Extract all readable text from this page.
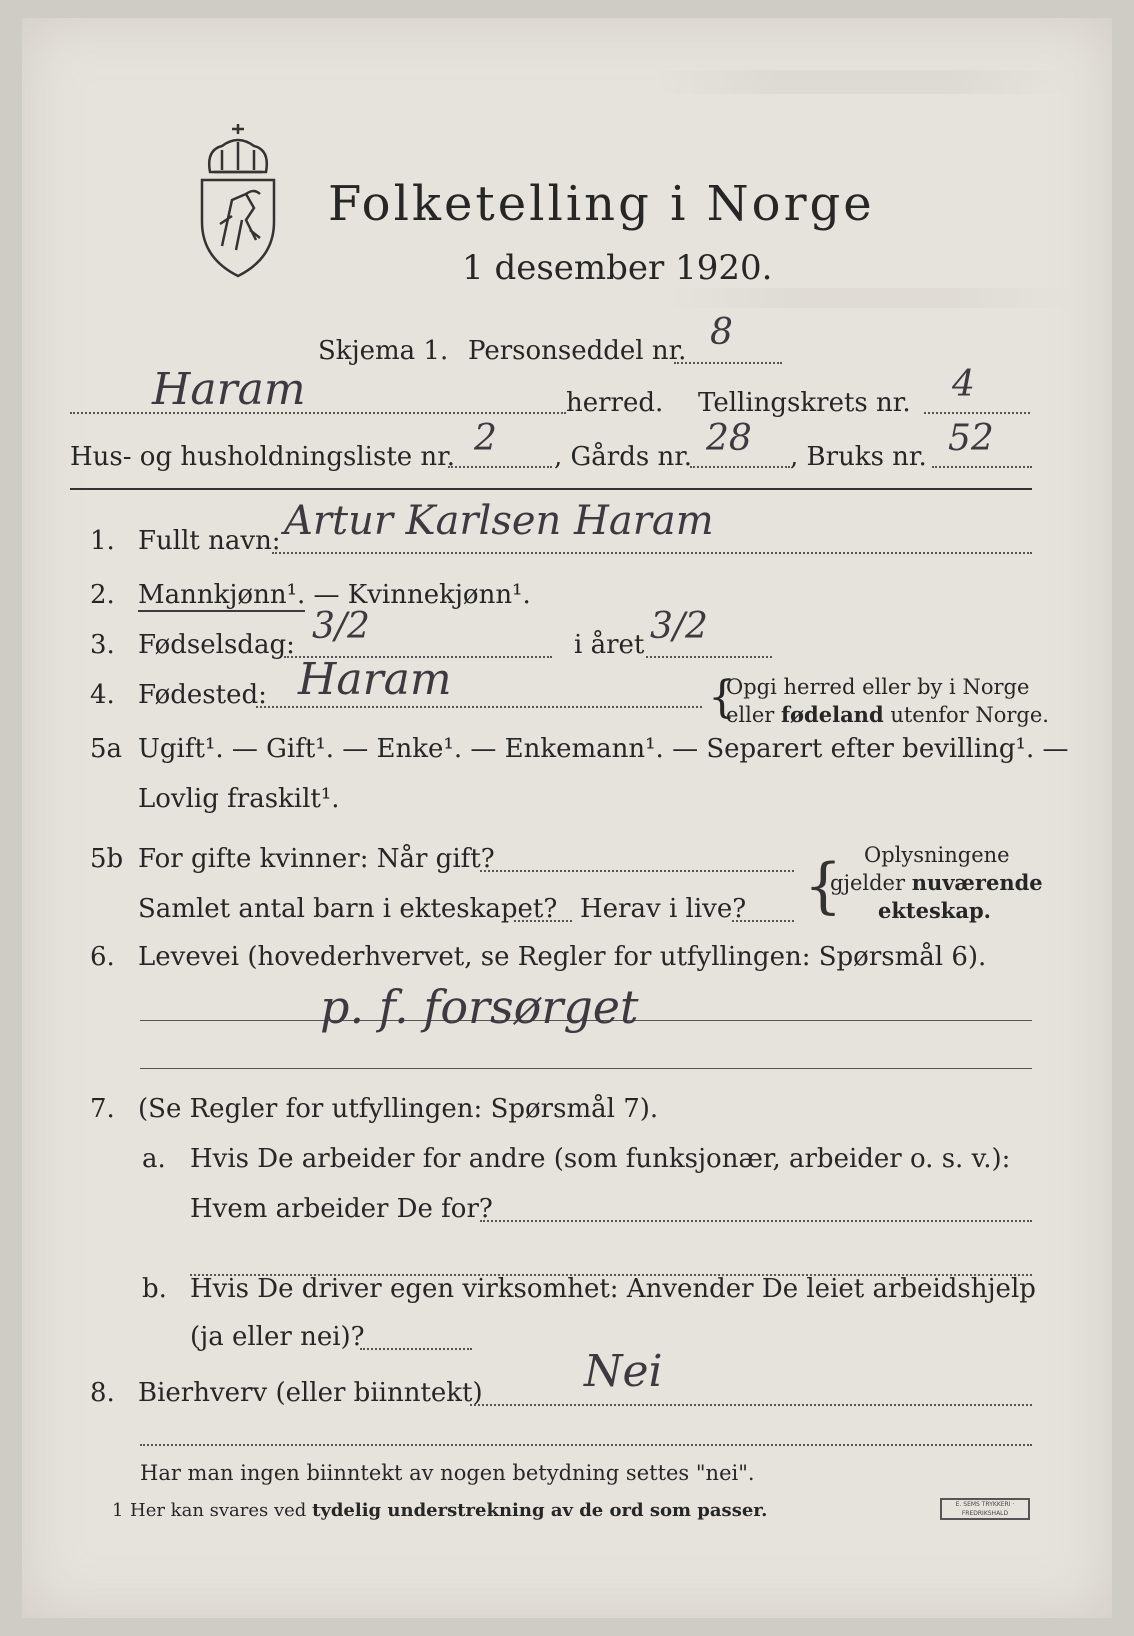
Folketelling i Norge
1 desember 1920.
Skjema 1. Personseddel nr. 8
Haram	herred. Tellingskrets nr. 4
Hus- og husholdningsliste nr. 2 , Gårds nr. 28 , Bruks nr. 52
1. Fullt navn: Artur Karlsen Haram
2. Mannkjønn¹. — Kvinnekjønn¹.
3. Fødselsdag: 3/2	i året 3/2
4. Fødested: Haram	{
Opgi herred eller by i Norge
eller fødeland utenfor Norge.
5a Ugift¹. — Gift¹. — Enke¹. — Enkemann¹. — Separert efter bevilling¹. —
Lovlig fraskilt¹.
5b For gifte kvinner: Når gift?
Samlet antal barn i ekteskapet? Herav i live? { Oplysningene
gjelder nuværende
ekteskap.
6. Levevei (hovederhvervet, se Regler for utfyllingen: Spørsmål 6).
p. f. forsørget
7. (Se Regler for utfyllingen: Spørsmål 7).
a. Hvis De arbeider for andre (som funksjonær, arbeider o. s. v.):
Hvem arbeider De for?
b. Hvis De driver egen virksomhet: Anvender De leiet arbeidshjelp
(ja eller nei)?
8. Bierhverv (eller biinntekt) Nei
Har man ingen biinntekt av nogen betydning settes "nei".
1 Her kan svares ved tydelig understrekning av de ord som passer.	E. SEMS TRYKKERI · FREDRIKSHALD
